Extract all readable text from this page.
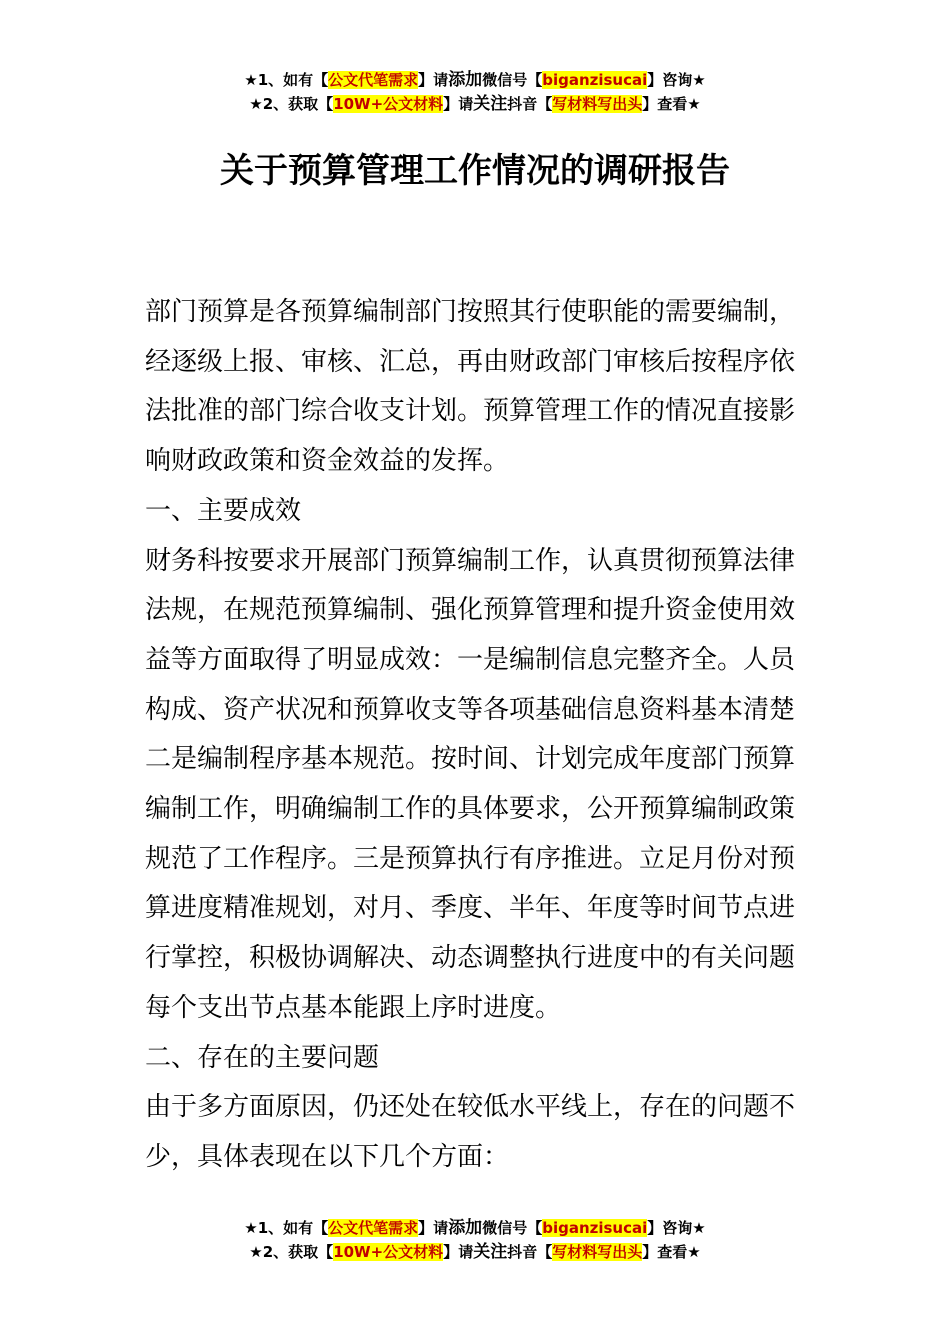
★1、如有【公文代笔需求】请添加微信号【biganzisucai】咨询★
★2、获取【10W+公文材料】请关注抖音【写材料写出头】查看★
关于预算管理工作情况的调研报告

部门预算是各预算编制部门按照其行使职能的需要编制，

经逐级上报、审核、汇总，再由财政部门审核后按程序依

法批准的部门综合收支计划。预算管理工作的情况直接影

响财政政策和资金效益的发挥。

一、主要成效

财务科按要求开展部门预算编制工作，认真贯彻预算法律

法规，在规范预算编制、强化预算管理和提升资金使用效

益等方面取得了明显成效：一是编制信息完整齐全。人员

构成、资产状况和预算收支等各项基础信息资料基本清楚

二是编制程序基本规范。按时间、计划完成年度部门预算

编制工作，明确编制工作的具体要求，公开预算编制政策

规范了工作程序。三是预算执行有序推进。立足月份对预

算进度精准规划，对月、季度、半年、年度等时间节点进

行掌控，积极协调解决、动态调整执行进度中的有关问题

每个支出节点基本能跟上序时进度。

二、存在的主要问题

由于多方面原因，仍还处在较低水平线上，存在的问题不

少，具体表现在以下几个方面：

★1、如有【公文代笔需求】请添加微信号【biganzisucai】咨询★
★2、获取【10W+公文材料】请关注抖音【写材料写出头】查看★
